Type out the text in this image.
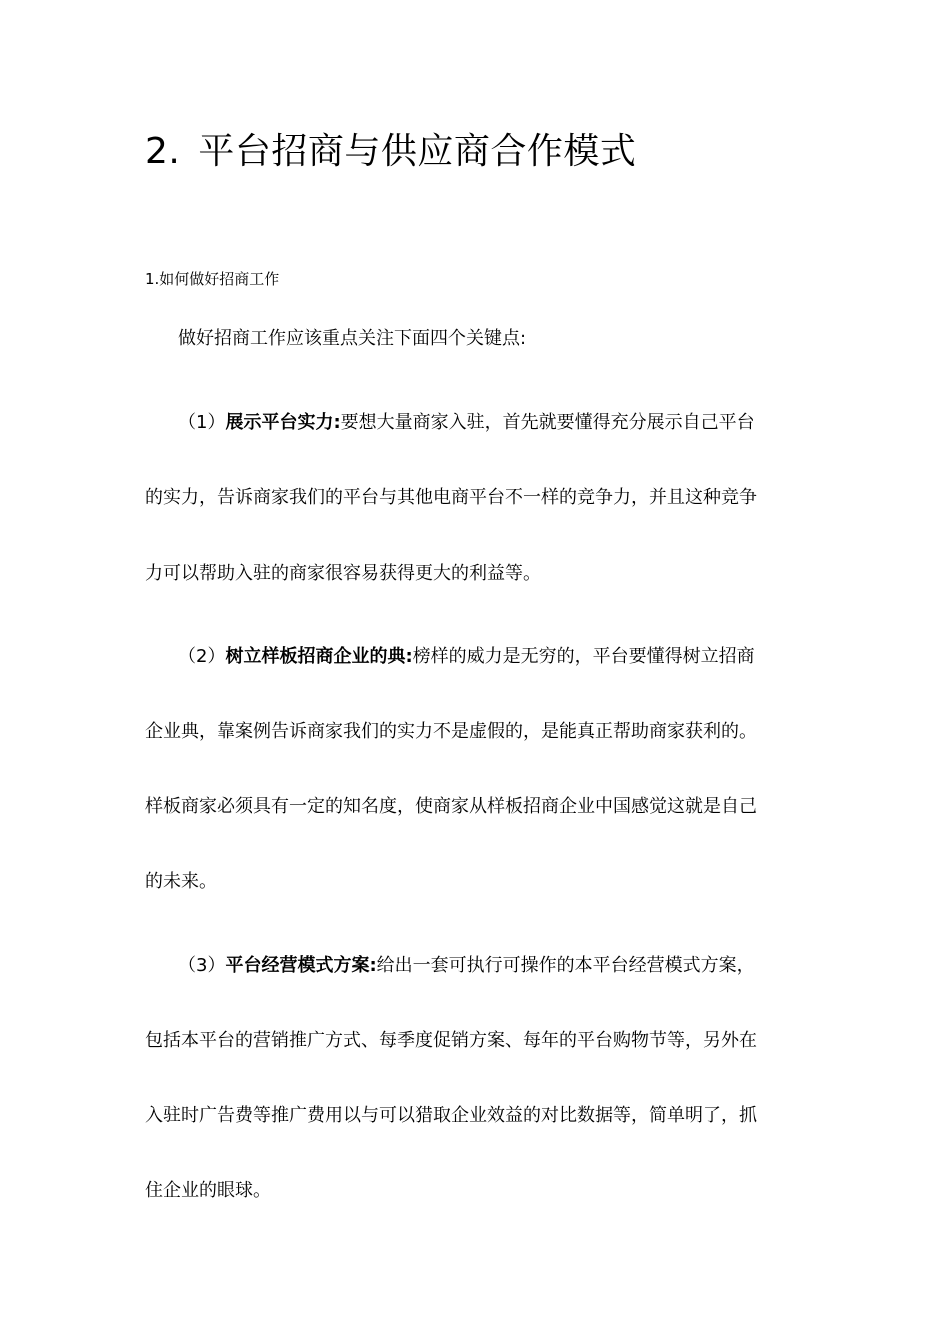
2. 平台招商与供应商合作模式
1.如何做好招商工作

做好招商工作应该重点关注下面四个关键点:

（1）展示平台实力:要想大量商家入驻，首先就要懂得充分展示自己平台

的实力，告诉商家我们的平台与其他电商平台不一样的竞争力，并且这种竞争

力可以帮助入驻的商家很容易获得更大的利益等。

（2）树立样板招商企业的典:榜样的威力是无穷的，平台要懂得树立招商

企业典，靠案例告诉商家我们的实力不是虚假的，是能真正帮助商家获利的。

样板商家必须具有一定的知名度，使商家从样板招商企业中国感觉这就是自己

的未来。

（3）平台经营模式方案:给出一套可执行可操作的本平台经营模式方案，

包括本平台的营销推广方式、每季度促销方案、每年的平台购物节等，另外在

入驻时广告费等推广费用以与可以猎取企业效益的对比数据等，简单明了，抓

住企业的眼球。
